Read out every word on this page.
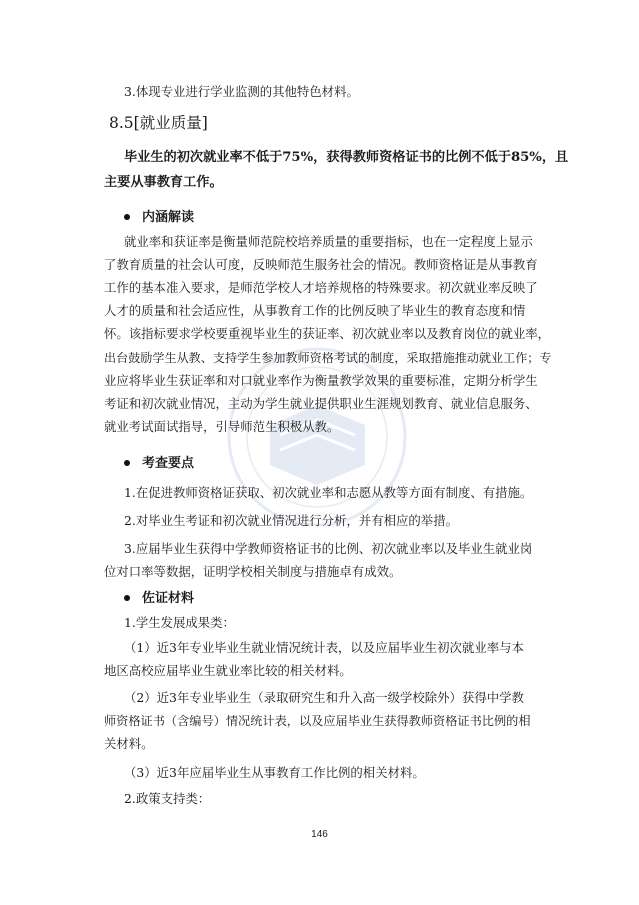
3.体现专业进行学业监测的其他特色材料。
8.5[就业质量]
毕业生的初次就业率不低于75%，获得教师资格证书的比例不低于85%，且
主要从事教育工作。
内涵解读
就业率和获证率是衡量师范院校培养质量的重要指标，也在一定程度上显示
了教育质量的社会认可度，反映师范生服务社会的情况。教师资格证是从事教育
工作的基本准入要求，是师范学校人才培养规格的特殊要求。初次就业率反映了
人才的质量和社会适应性，从事教育工作的比例反映了毕业生的教育态度和情
怀。该指标要求学校要重视毕业生的获证率、初次就业率以及教育岗位的就业率，
出台鼓励学生从教、支持学生参加教师资格考试的制度，采取措施推动就业工作；专
业应将毕业生获证率和对口就业率作为衡量教学效果的重要标准，定期分析学生
考证和初次就业情况，主动为学生就业提供职业生涯规划教育、就业信息服务、
就业考试面试指导，引导师范生积极从教。
考查要点
1.在促进教师资格证获取、初次就业率和志愿从教等方面有制度、有措施。
2.对毕业生考证和初次就业情况进行分析，并有相应的举措。
3.应届毕业生获得中学教师资格证书的比例、初次就业率以及毕业生就业岗
位对口率等数据，证明学校相关制度与措施卓有成效。
佐证材料
1.学生发展成果类：
（1）近3年专业毕业生就业情况统计表，以及应届毕业生初次就业率与本
地区高校应届毕业生就业率比较的相关材料。
（2）近3年专业毕业生（录取研究生和升入高一级学校除外）获得中学教
师资格证书（含编号）情况统计表，以及应届毕业生获得教师资格证书比例的相
关材料。
（3）近3年应届毕业生从事教育工作比例的相关材料。
2.政策支持类：
146
